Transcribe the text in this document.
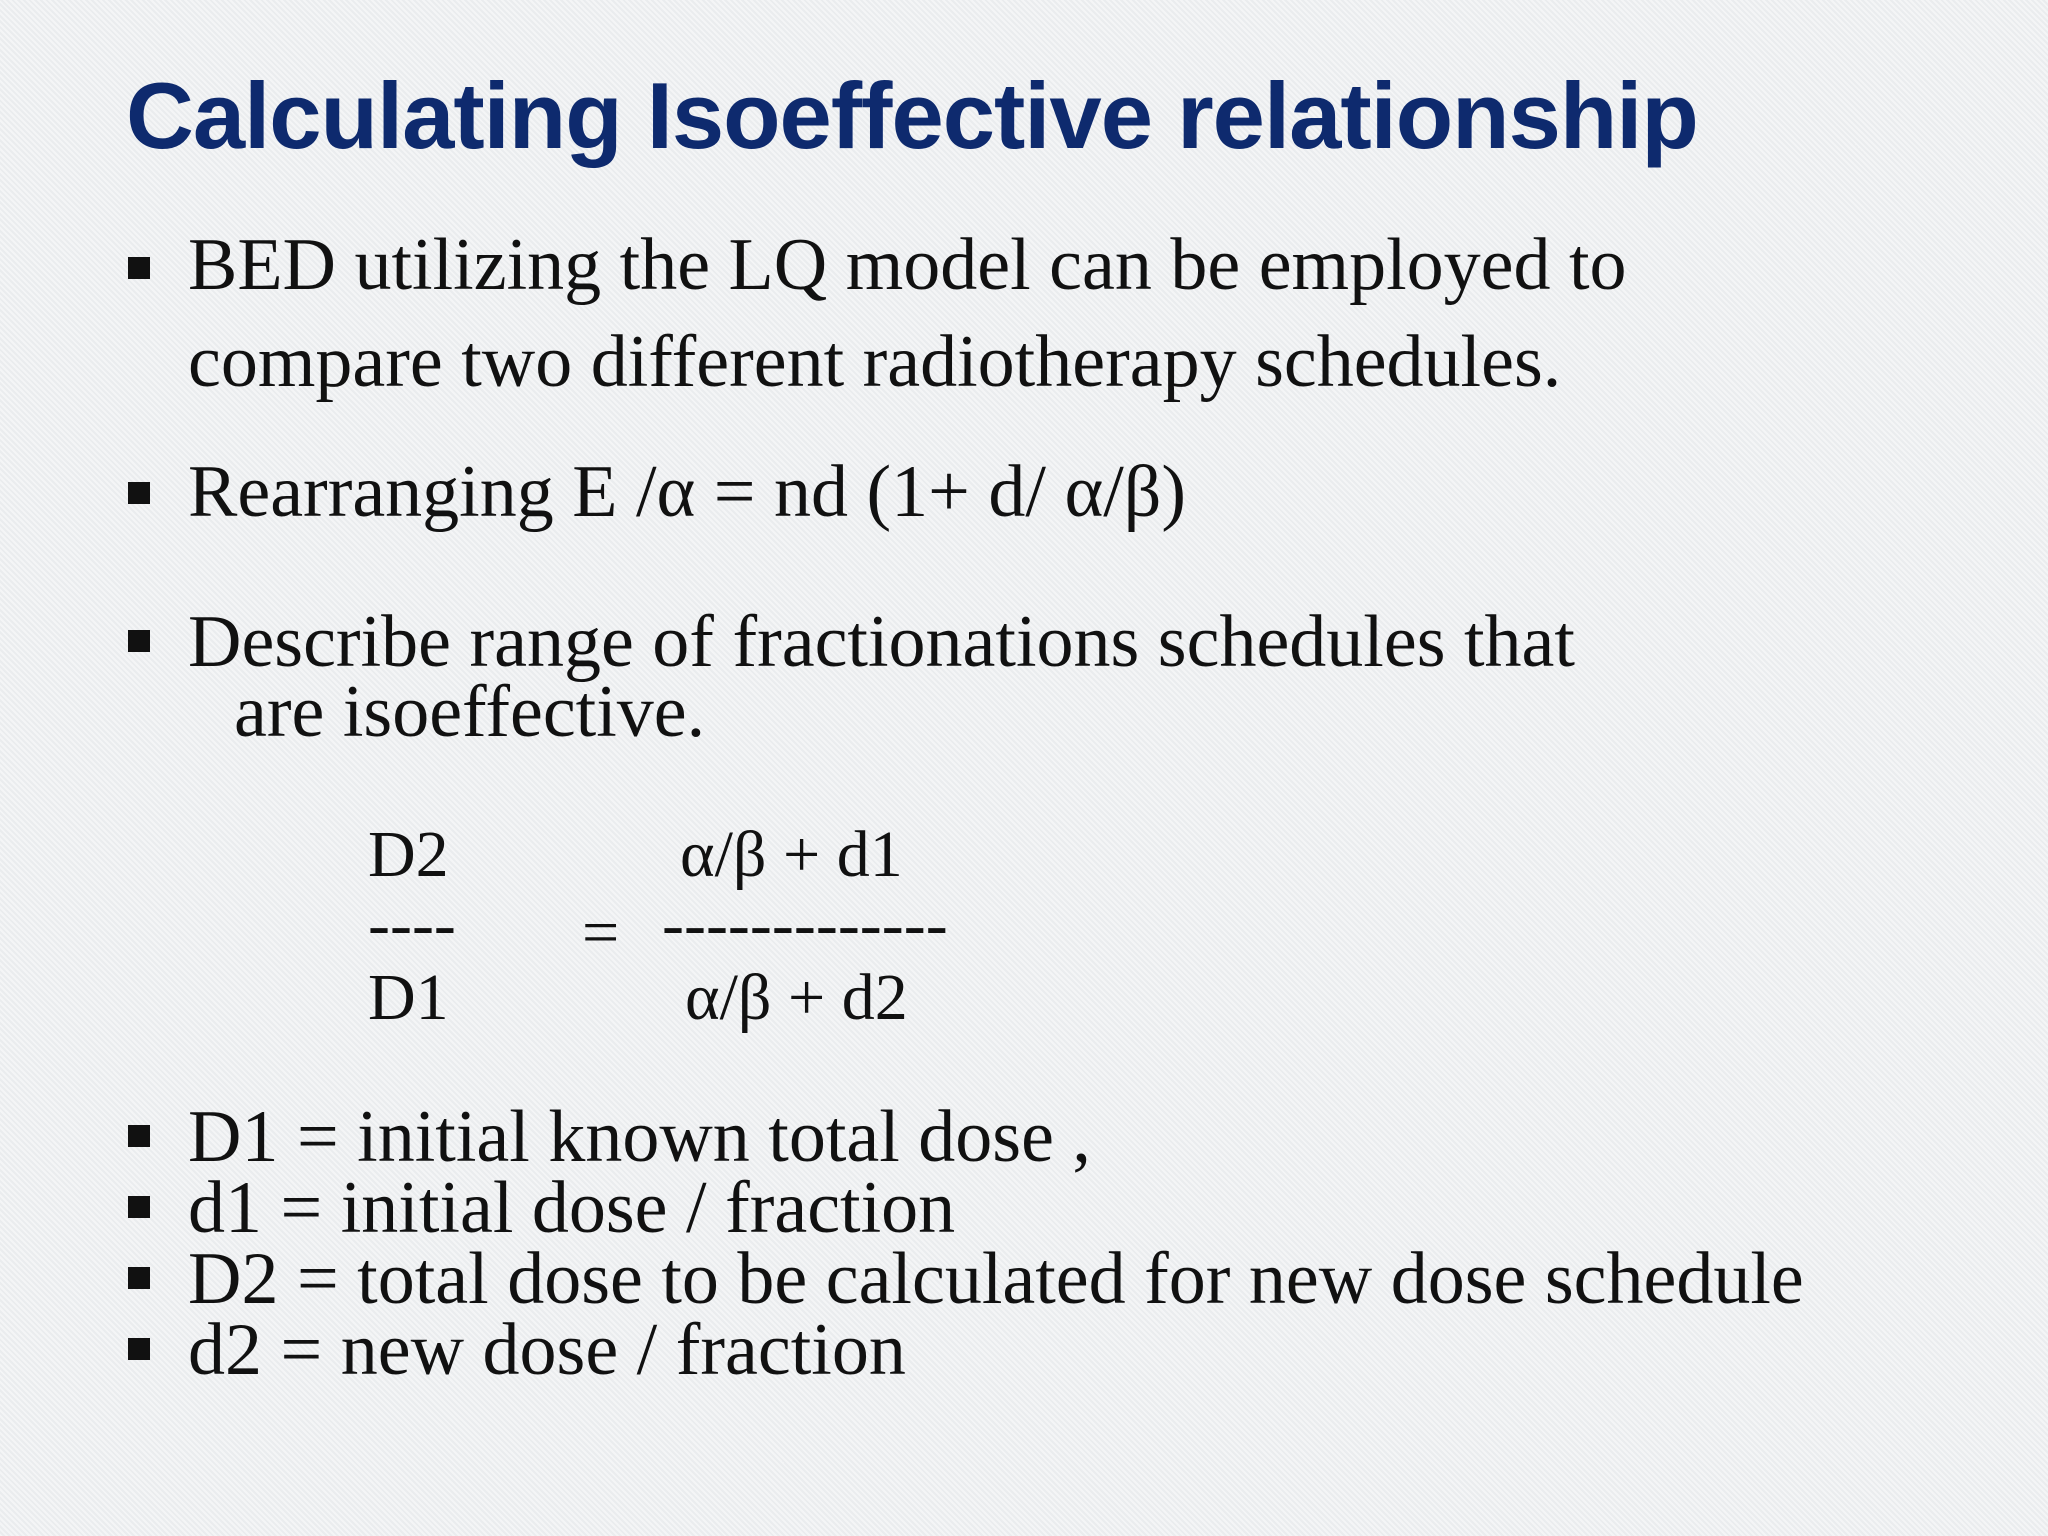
Calculating Isoeffective relationship
BED utilizing the LQ model can be employed to
compare two different radiotherapy schedules.
Rearranging E /α = nd (1+ d/ α/β)
Describe range of fractionations schedules that
are isoeffective.
D2
----
D1
=
α/β + d1
-------------
α/β + d2
D1 = initial known total dose ,
d1 = initial dose / fraction
D2 = total dose to be calculated for new dose schedule
d2 = new dose / fraction
